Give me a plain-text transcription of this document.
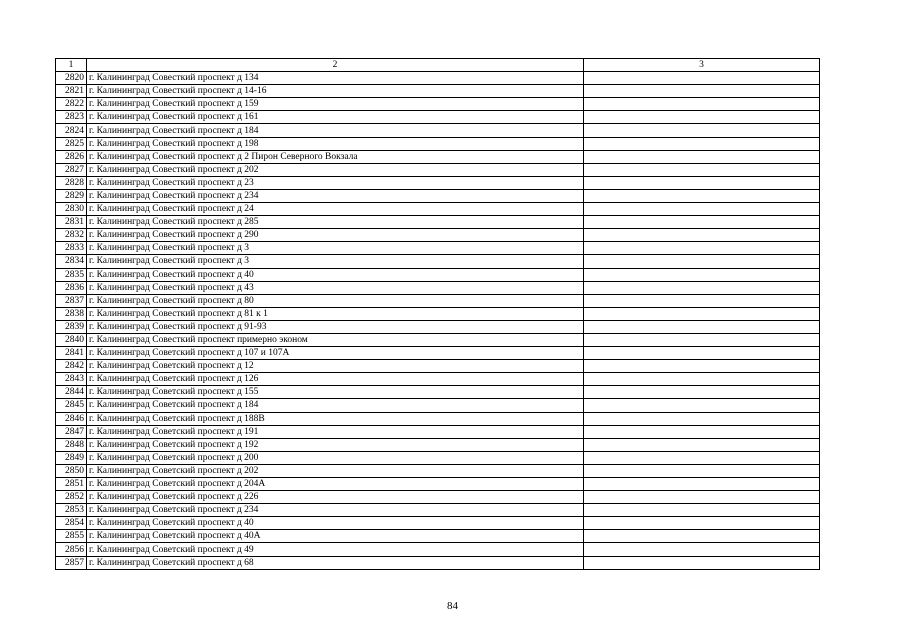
1	2	3
2820	г. Калининград Совесткий проспект д 134	
2821	г. Калининград Совесткий проспект д 14-16	
2822	г. Калининград Совесткий проспект д 159	
2823	г. Калининград Совесткий проспект д 161	
2824	г. Калининград Совесткий проспект д 184	
2825	г. Калининград Совесткий проспект д 198	
2826	г. Калининград Совесткий проспект д 2 Пирон Северного Вокзала	
2827	г. Калининград Совесткий проспект д 202	
2828	г. Калининград Совесткий проспект д 23	
2829	г. Калининград Совесткий проспект д 234	
2830	г. Калининград Совесткий проспект д 24	
2831	г. Калининград Совесткий проспект д 285	
2832	г. Калининград Совесткий проспект д 290	
2833	г. Калининград Совесткий проспект д 3	
2834	г. Калининград Совесткий проспект д 3	
2835	г. Калининград Совесткий проспект д 40	
2836	г. Калининград Совесткий проспект д 43	
2837	г. Калининград Совесткий проспект д 80	
2838	г. Калининград Совесткий проспект д 81 к 1	
2839	г. Калининград Совесткий проспект д 91-93	
2840	г. Калининград Совесткий проспект примерно эконом	
2841	г. Калининград Советский проспект д 107 и 107А	
2842	г. Калининград Советский проспект д 12	
2843	г. Калининград Советский проспект д 126	
2844	г. Калининград Советский проспект д 155	
2845	г. Калининград Советский проспект д 184	
2846	г. Калининград Советский проспект д 188В	
2847	г. Калининград Советский проспект д 191	
2848	г. Калининград Советский проспект д 192	
2849	г. Калининград Советский проспект д 200	
2850	г. Калининград Советский проспект д 202	
2851	г. Калининград Советский проспект д 204А	
2852	г. Калининград Советский проспект д 226	
2853	г. Калининград Советский проспект д 234	
2854	г. Калининград Советский проспект д 40	
2855	г. Калининград Советский проспект д 40А	
2856	г. Калининград Советский проспект д 49	
2857	г. Калининград Советский проспект д 68	
84
